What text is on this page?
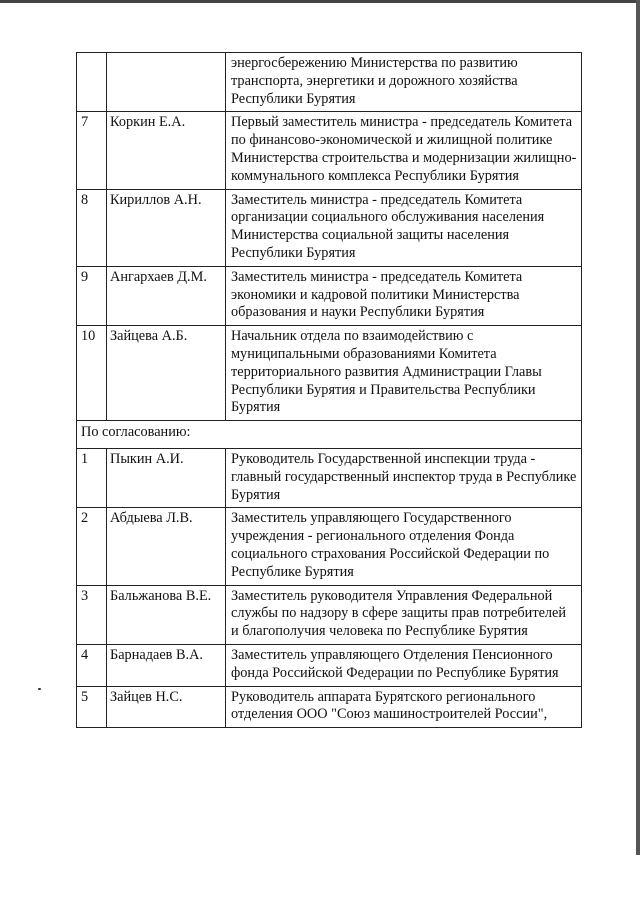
		энергосбережению Министерства по развитию транспорта, энергетики и дорожного хозяйства Республики Бурятия
7	Коркин Е.А.	Первый заместитель министра - председатель Комитета по финансово-экономической и жилищной политике Министерства строительства и модернизации жилищно-коммунального комплекса Республики Бурятия
8	Кириллов А.Н.	Заместитель министра - председатель Комитета организации социального обслуживания населения Министерства социальной защиты населения Республики Бурятия
9	Ангархаев Д.М.	Заместитель министра - председатель Комитета экономики и кадровой политики Министерства образования и науки Республики Бурятия
10	Зайцева А.Б.	Начальник отдела по взаимодействию с муниципальными образованиями Комитета территориального развития Администрации Главы Республики Бурятия и Правительства Республики Бурятия
По согласованию:		
1	Пыкин А.И.	Руководитель Государственной инспекции труда - главный государственный инспектор труда в Республике Бурятия
2	Абдыева Л.В.	Заместитель управляющего Государственного учреждения - регионального отделения Фонда социального страхования Российской Федерации по Республике Бурятия
3	Бальжанова В.Е.	Заместитель руководителя Управления Федеральной службы по надзору в сфере защиты прав потребителей и благополучия человека по Республике Бурятия
4	Барнадаев В.А.	Заместитель управляющего Отделения Пенсионного фонда Российской Федерации по Республике Бурятия
5	Зайцев Н.С.	Руководитель аппарата Бурятского регионального отделения ООО "Союз машиностроителей России",
